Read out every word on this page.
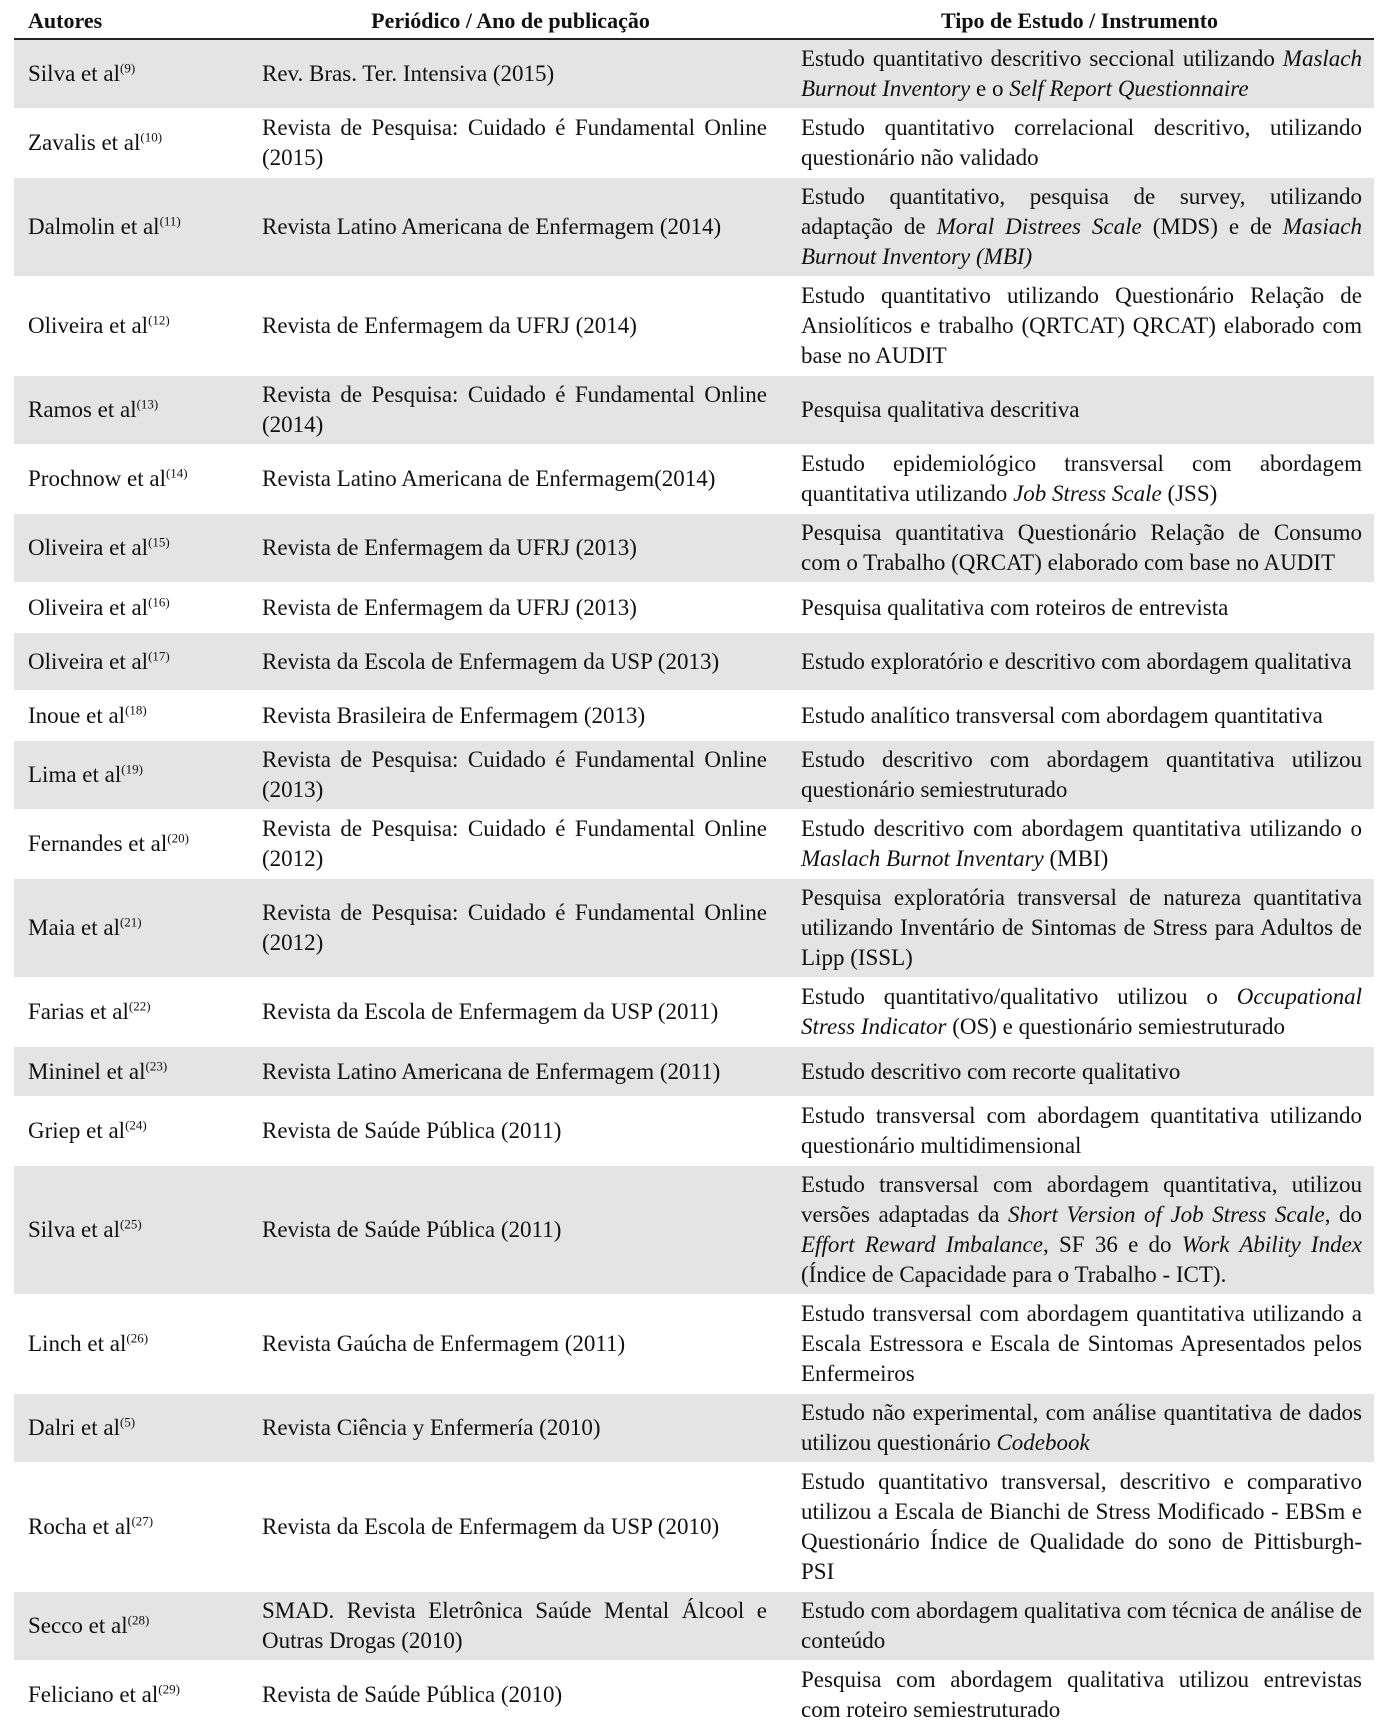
Autores	Periódico / Ano de publicação	Tipo de Estudo / Instrumento
Silva et $al^{(9)}$	Rev. Bras. Ter. Intensiva (2015)	Estudo quantitativo descritivo seccional utilizando Maslach Burnout Inventory e o Self Report Questionnaire
Zavalis et $al^{(10)}$	Revista de Pesquisa: Cuidado é Fundamental Online (2015)	Estudo quantitativo correlacional descritivo, utilizando questionário não validado
Dalmolin et $al^{(11)}$	Revista Latino Americana de Enfermagem (2014)	Estudo quantitativo, pesquisa de survey, utilizando adaptação de Moral Distrees Scale (MDS) e de Masiach Burnout Inventory (MBI)
Oliveira et $al^{(12)}$	Revista de Enfermagem da UFRJ (2014)	Estudo quantitativo utilizando Questionário Relação de Ansiolíticos e trabalho (QRTCAT) QRCAT) elaborado com base no AUDIT
Ramos et $al^{(13)}$	Revista de Pesquisa: Cuidado é Fundamental Online (2014)	Pesquisa qualitativa descritiva
Prochnow et $al^{(14)}$	Revista Latino Americana de Enfermagem(2014)	Estudo epidemiológico transversal com abordagem quantitativa utilizando Job Stress Scale (JSS)
Oliveira et $al^{(15)}$	Revista de Enfermagem da UFRJ (2013)	Pesquisa quantitativa Questionário Relação de Consumo com o Trabalho (QRCAT) elaborado com base no AUDIT
Oliveira et $al^{(16)}$	Revista de Enfermagem da UFRJ (2013)	Pesquisa qualitativa com roteiros de entrevista
Oliveira et $al^{(17)}$	Revista da Escola de Enfermagem da USP (2013)	Estudo exploratório e descritivo com abordagem qualitativa
Inoue et $al^{(18)}$	Revista Brasileira de Enfermagem (2013)	Estudo analítico transversal com abordagem quantitativa
Lima et $al^{(19)}$	Revista de Pesquisa: Cuidado é Fundamental Online (2013)	Estudo descritivo com abordagem quantitativa utilizou questionário semiestruturado
Fernandes et $al^{(20)}$	Revista de Pesquisa: Cuidado é Fundamental Online (2012)	Estudo descritivo com abordagem quantitativa utilizando o Maslach Burnot Inventary (MBI)
Maia et $al^{(21)}$	Revista de Pesquisa: Cuidado é Fundamental Online (2012)	Pesquisa exploratória transversal de natureza quantitativa utilizando Inventário de Sintomas de Stress para Adultos de Lipp (ISSL)
Farias et $al^{(22)}$	Revista da Escola de Enfermagem da USP (2011)	Estudo quantitativo/qualitativo utilizou o Occupational Stress Indicator (OS) e questionário semiestruturado
Mininel et $al^{(23)}$	Revista Latino Americana de Enfermagem (2011)	Estudo descritivo com recorte qualitativo
Griep et $al^{(24)}$	Revista de Saúde Pública (2011)	Estudo transversal com abordagem quantitativa utilizando questionário multidimensional
Silva et $al^{(25)}$	Revista de Saúde Pública (2011)	Estudo transversal com abordagem quantitativa, utilizou versões adaptadas da Short Version of Job Stress Scale, do Effort Reward Imbalance, SF 36 e do Work Ability Index (Índice de Capacidade para o Trabalho - ICT).
Linch et $al^{(26)}$	Revista Gaúcha de Enfermagem (2011)	Estudo transversal com abordagem quantitativa utilizando a Escala Estressora e Escala de Sintomas Apresentados pelos Enfermeiros
Dalri et $al^{(5)}$	Revista Ciência y Enfermería (2010)	Estudo não experimental, com análise quantitativa de dados utilizou questionário Codebook
Rocha et $al^{(27)}$	Revista da Escola de Enfermagem da USP (2010)	Estudo quantitativo transversal, descritivo e comparativo utilizou a Escala de Bianchi de Stress Modificado - EBSm e Questionário Índice de Qualidade do sono de Pittisburgh-PSI
Secco et $al^{(28)}$	SMAD. Revista Eletrônica Saúde Mental Álcool e Outras Drogas (2010)	Estudo com abordagem qualitativa com técnica de análise de conteúdo
Feliciano et $al^{(29)}$	Revista de Saúde Pública (2010)	Pesquisa com abordagem qualitativa utilizou entrevistas com roteiro semiestruturado
